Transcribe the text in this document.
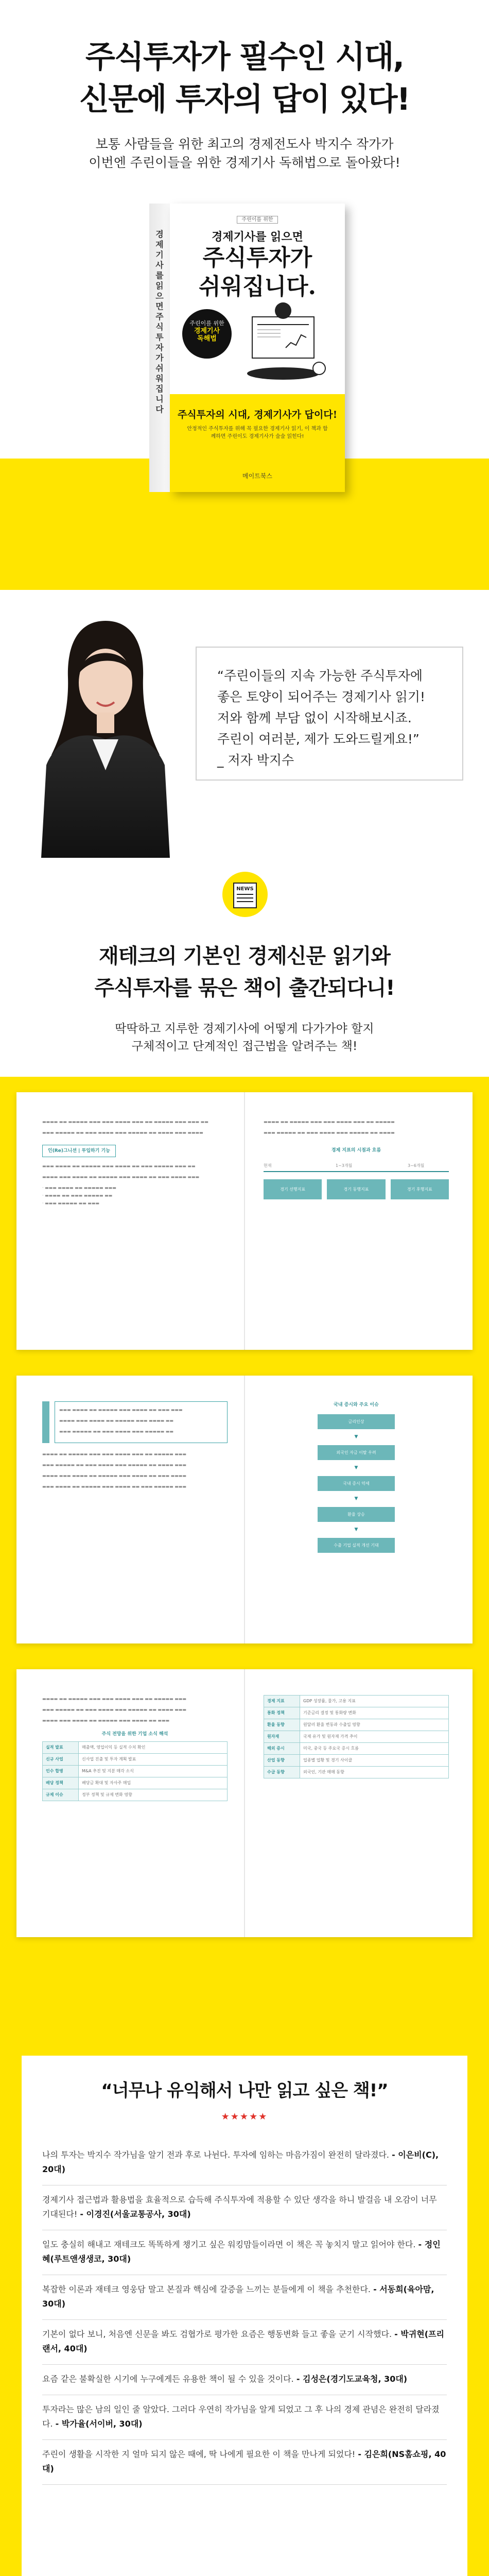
주식투자가 필수인 시대,
신문에 투자의 답이 있다!
보통 사람들을 위한 최고의 경제전도사 박지수 작가가
이번엔 주린이들을 위한 경제기사 독해법으로 돌아왔다!
경제기사를 읽으면 주식투자가 쉬워집니다
주린이를 위한
경제기사를 읽으면
주식투자가
쉬워집니다.
주린이를 위한
경제기사
독해법
주식투자의 시대, 경제기사가 답이다!
안정적인 주식투자를 위해 꼭 필요한 경제기사 읽기, 이 책과 함께하면 주린이도 경제기사가 술술 읽힌다!
메이트북스
“주린이들의 지속 가능한 주식투자에
좋은 토양이 되어주는 경제기사 읽기!
저와 함께 부담 없이 시작해보시죠.
주린이 여러분, 제가 도와드릴게요!”
_ 저자 박지수
NEWS
재테크의 기본인 경제신문 읽기와
주식투자를 묶은 책이 출간되다니!
딱딱하고 지루한 경제기사에 어떻게 다가가야 할지
구체적이고 단계적인 접근법을 알려주는 책!

▬▬▬▬ ▬▬ ▬▬▬▬▬ ▬▬▬ ▬▬▬ ▬▬▬▬ ▬▬▬ ▬▬ ▬▬▬▬▬ ▬▬▬ ▬▬▬ ▬▬

▬▬▬ ▬▬▬▬▬ ▬▬ ▬▬▬ ▬▬▬▬ ▬▬▬ ▬▬▬▬▬ ▬▬ ▬▬▬▬ ▬▬▬ ▬▬▬▬

인(Re)그니션 | 투입하기 기능

▬▬▬ ▬▬▬▬ ▬▬ ▬▬▬▬▬ ▬▬▬ ▬▬▬▬ ▬▬ ▬▬▬ ▬▬▬▬▬ ▬▬▬ ▬▬

▬▬▬▬ ▬▬▬ ▬▬▬▬ ▬▬ ▬▬▬▬▬ ▬▬▬ ▬▬▬▬ ▬▬ ▬▬▬ ▬▬▬▬ ▬▬▬

· ▬▬▬ ▬▬▬▬ ▬▬ ▬▬▬▬▬ ▬▬▬
· ▬▬▬▬ ▬▬ ▬▬▬ ▬▬▬▬▬ ▬▬
· ▬▬▬ ▬▬▬▬▬ ▬▬ ▬▬▬

▬▬▬▬ ▬▬ ▬▬▬▬▬ ▬▬▬ ▬▬▬ ▬▬▬▬ ▬▬▬ ▬▬ ▬▬▬▬▬

▬▬▬ ▬▬▬▬▬ ▬▬ ▬▬▬ ▬▬▬▬ ▬▬▬ ▬▬▬▬▬ ▬▬ ▬▬▬▬

경제 지표의 시점과 흐름
현재	1~3개월	3~6개월
경기 선행지표	경기 동행지표	경기 후행지표

▬▬▬ ▬▬▬▬ ▬▬ ▬▬▬▬▬ ▬▬▬ ▬▬▬▬ ▬▬ ▬▬▬ ▬▬▬

▬▬▬▬ ▬▬▬ ▬▬▬▬ ▬▬ ▬▬▬▬▬ ▬▬▬ ▬▬▬▬ ▬▬

▬▬▬ ▬▬▬▬▬ ▬▬ ▬▬▬ ▬▬▬▬ ▬▬▬ ▬▬▬▬▬ ▬▬

▬▬▬▬ ▬▬ ▬▬▬▬▬ ▬▬▬ ▬▬▬ ▬▬▬▬ ▬▬▬ ▬▬ ▬▬▬▬▬ ▬▬▬

▬▬▬ ▬▬▬▬▬ ▬▬ ▬▬▬ ▬▬▬▬ ▬▬▬ ▬▬▬▬▬ ▬▬ ▬▬▬▬ ▬▬▬

▬▬▬▬ ▬▬▬ ▬▬▬▬ ▬▬ ▬▬▬▬▬ ▬▬▬ ▬▬▬▬ ▬▬ ▬▬▬ ▬▬▬▬

▬▬▬ ▬▬▬▬ ▬▬ ▬▬▬▬▬ ▬▬▬ ▬▬▬▬ ▬▬ ▬▬▬ ▬▬▬▬▬ ▬▬▬

국내 증시와 주요 이슈
금리인상
▼
외국인 자금 이탈 우려
▼
국내 증시 약세
▼
환율 상승
▼
수출 기업 실적 개선 기대

▬▬▬▬ ▬▬ ▬▬▬▬▬ ▬▬▬ ▬▬▬ ▬▬▬▬ ▬▬▬ ▬▬ ▬▬▬▬▬ ▬▬▬

▬▬▬ ▬▬▬▬▬ ▬▬ ▬▬▬ ▬▬▬▬ ▬▬▬ ▬▬▬▬▬ ▬▬ ▬▬▬▬ ▬▬▬

▬▬▬▬ ▬▬▬ ▬▬▬▬ ▬▬ ▬▬▬▬▬ ▬▬▬ ▬▬▬▬ ▬▬ ▬▬▬

주식 전망을 위한 기업 소식 해석
실적 발표	매출액, 영업이익 등 실적 수치 확인
신규 사업	신사업 진출 및 투자 계획 발표
인수 합병	M&A 추진 및 지분 매각 소식
배당 정책	배당금 확대 및 자사주 매입
규제 이슈	정부 정책 및 규제 변화 영향
경제 지표	GDP 성장률, 물가, 고용 지표
통화 정책	기준금리 결정 및 통화량 변화
환율 동향	원달러 환율 변동과 수출입 영향
원자재	국제 유가 및 원자재 가격 추이
해외 증시	미국, 중국 등 주요국 증시 흐름
산업 동향	업종별 업황 및 경기 사이클
수급 동향	외국인, 기관 매매 동향
“너무나 유익해서 나만 읽고 싶은 책!”
★★★★★
나의 투자는 박지수 작가님을 알기 전과 후로 나뉜다. 투자에 임하는 마음가짐이 완전히 달라졌다. - 이은비(C), 20대)
경제기사 접근법과 활용법을 효율적으로 습득해 주식투자에 적용할 수 있단 생각을 하니 발걸음 내 오감이 너무 기대된다! - 이경진(서울교통공사, 30대)
일도 충실히 해내고 재테크도 똑똑하게 챙기고 싶은 워킹맘들이라면 이 책은 꼭 놓치지 말고 읽어야 한다. - 정인혜(루트앤생생코, 30대)
복잡한 이론과 재테크 영웅담 말고 본질과 핵심에 갈증을 느끼는 분들에게 이 책을 추천한다. - 서동희(육아맘, 30대)
기본이 없다 보니, 처음엔 신문을 봐도 검협가로 평가한 요즘은 행동변화 들고 좋을 군기 시작했다. - 박귀현(프리랜서, 40대)
요즘 같은 불확실한 시기에 누구에게든 유용한 책이 될 수 있을 것이다. - 김성은(경기도교육청, 30대)
투자라는 많은 남의 일인 줄 알았다. 그러다 우연히 작가님을 알게 되었고 그 후 나의 경제 관념은 완전히 달라졌다. - 박가율(서이버, 30대)
주린이 생활을 시작한 지 얼마 되지 않은 때에, 딱 나에게 필요한 이 책을 만나게 되었다! - 김은희(NS홈쇼핑, 40대)
